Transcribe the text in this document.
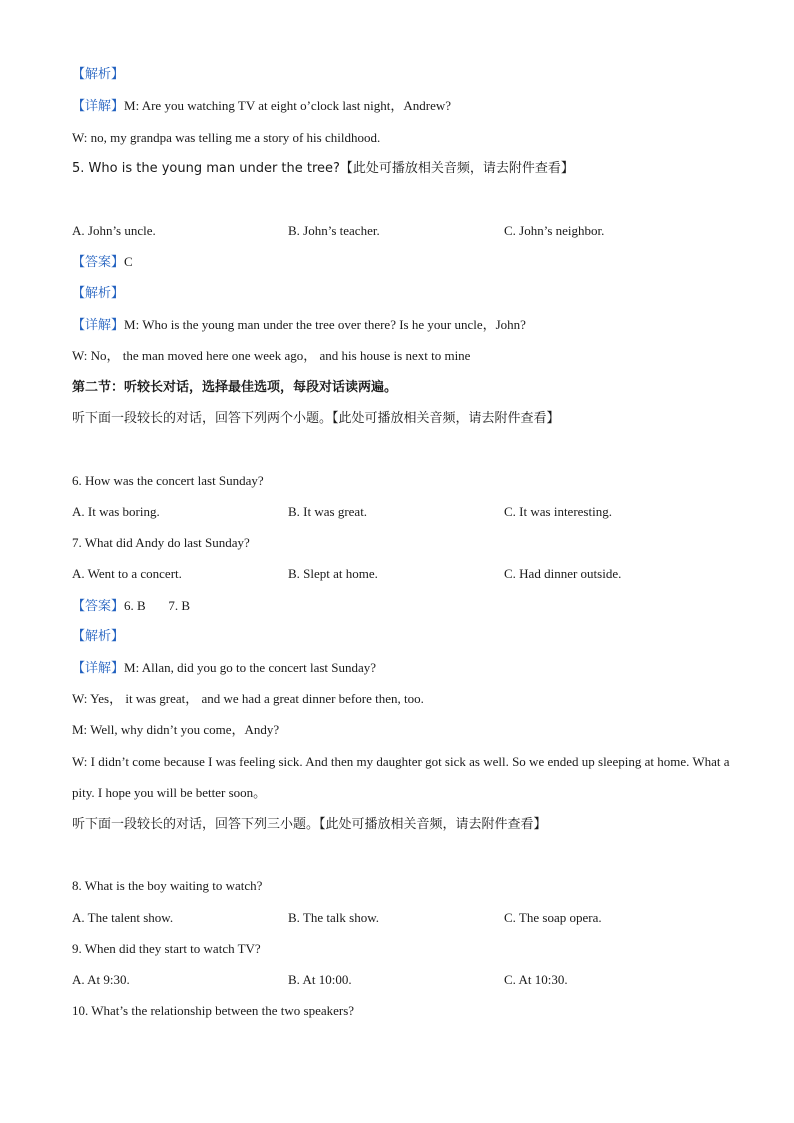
【解析】
【详解】M: Are you watching TV at eight o’clock last night，Andrew?
W: no, my grandpa was telling me a story of his childhood.
5. Who is the young man under the tree?【此处可播放相关音频，请去附件查看】
A. John’s uncle.	B. John’s teacher.	C. John’s neighbor.
【答案】C
【解析】
【详解】M: Who is the young man under the tree over there? Is he your uncle，John?
W: No， the man moved here one week ago， and his house is next to mine
第二节：听较长对话，选择最佳选项，每段对话读两遍。
听下面一段较长的对话，回答下列两个小题。【此处可播放相关音频，请去附件查看】
6. How was the concert last Sunday?
A. It was boring.	B. It was great.	C. It was interesting.
7. What did Andy do last Sunday?
A. Went to a concert.	B. Slept at home.	C. Had dinner outside.
【答案】6. B       7. B
【解析】
【详解】M: Allan, did you go to the concert last Sunday?
W: Yes， it was great， and we had a great dinner before then, too.
M: Well, why didn’t you come，Andy?
W: I didn’t come because I was feeling sick. And then my daughter got sick as well. So we ended up sleeping at home. What a pity. I hope you will be better soon。
听下面一段较长的对话，回答下列三小题。【此处可播放相关音频，请去附件查看】
8. What is the boy waiting to watch?
A. The talent show.	B. The talk show.	C. The soap opera.
9. When did they start to watch TV?
A. At 9:30.	B. At 10:00.	C. At 10:30.
10. What’s the relationship between the two speakers?
